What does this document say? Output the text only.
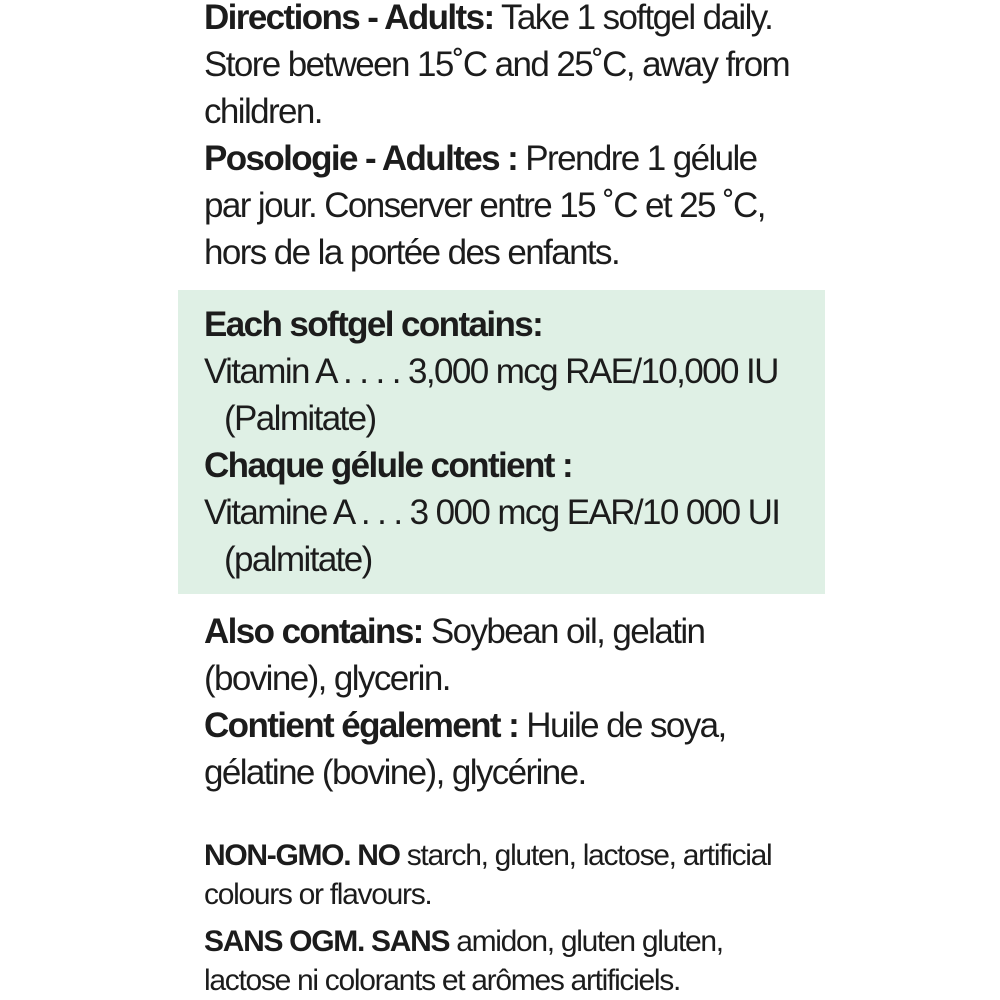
Directions - Adults: Take 1 softgel daily.
Store between 15˚C and 25˚C, away from
children.

Posologie - Adultes : Prendre 1 gélule
par jour. Conserver entre 15 ˚C et 25 ˚C,
hors de la portée des enfants.

Each softgel contains:

Vitamin A . . . . 3,000 mcg RAE/10,000 IU

(Palmitate)

Chaque gélule contient :

Vitamine A . . . 3 000 mcg EAR/10 000 UI

(palmitate)

Also contains: Soybean oil, gelatin
(bovine), glycerin.

Contient également : Huile de soya,
gélatine (bovine), glycérine.

NON-GMO. NO starch, gluten, lactose, artificial
colours or flavours.

SANS OGM. SANS amidon, gluten gluten,
lactose ni colorants et arômes artificiels.
